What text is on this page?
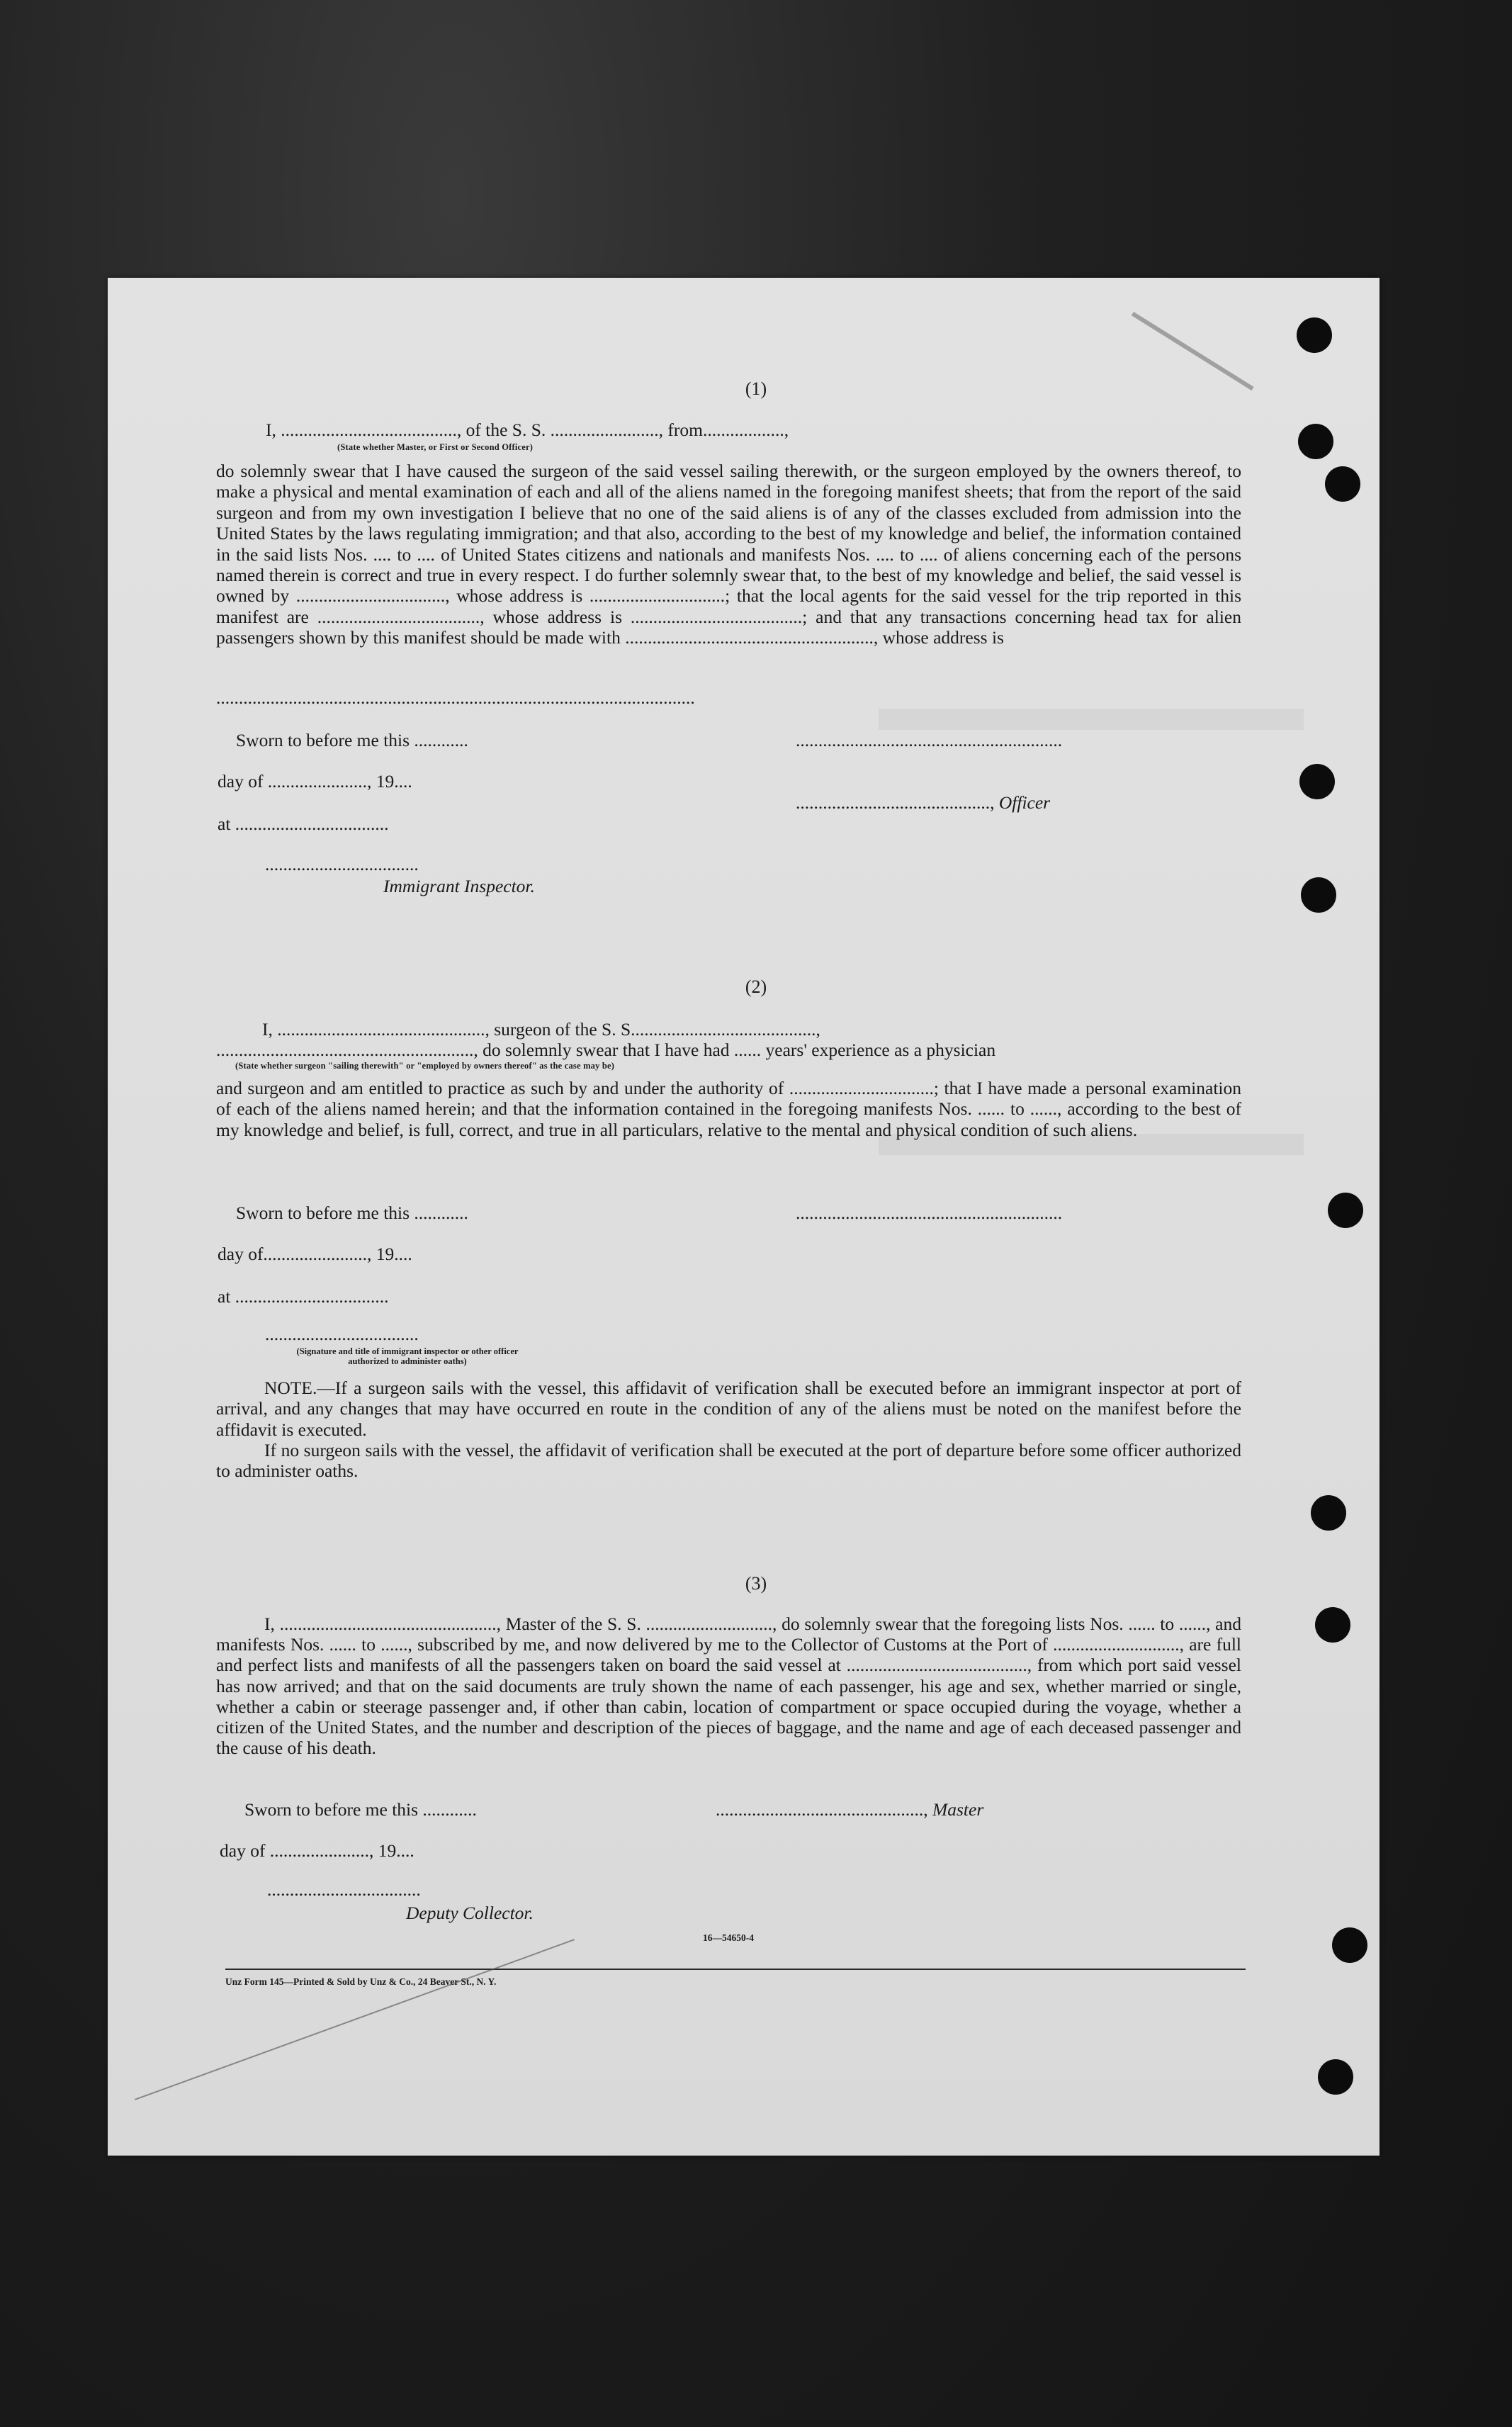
(1)
I, ......................................., of the S. S. ........................, from..................,
(State whether Master, or First or Second Officer)
do solemnly swear that I have caused the surgeon of the said vessel sailing therewith, or the surgeon employed by the owners thereof, to make a physical and mental examination of each and all of the aliens named in the foregoing manifest sheets; that from the report of the said surgeon and from my own investigation I believe that no one of the said aliens is of any of the classes excluded from admission into the United States by the laws regulating immigration; and that also, according to the best of my knowledge and belief, the information contained in the said lists Nos. .... to .... of United States citizens and nationals and manifests Nos. .... to .... of aliens concerning each of the persons named therein is correct and true in every respect. I do further solemnly swear that, to the best of my knowledge and belief, the said vessel is owned by ................................., whose address is ..............................; that the local agents for the said vessel for the trip reported in this manifest are ...................................., whose address is ......................................; and that any transactions concerning head tax for alien passengers shown by this manifest should be made with ......................................................., whose address is
..........................................................................................................
Sworn to before me this ............	...........................................................
day of ......................, 19....
..........................................., Officer
at ..................................
..................................
Immigrant Inspector.
(2)
I, .............................................., surgeon of the S. S.........................................,
........................................................., do solemnly swear that I have had ...... years' experience as a physician
(State whether surgeon "sailing therewith" or "employed by owners thereof" as the case may be)
and surgeon and am entitled to practice as such by and under the authority of ................................; that I have made a personal examination of each of the aliens named herein; and that the information contained in the foregoing manifests Nos. ...... to ......, according to the best of my knowledge and belief, is full, correct, and true in all particulars, relative to the mental and physical condition of such aliens.
Sworn to before me this ............	...........................................................
day of......................., 19....
at ..................................
..................................
(Signature and title of immigrant inspector or other officer authorized to administer oaths)
NOTE.—If a surgeon sails with the vessel, this affidavit of verification shall be executed before an immigrant inspector at port of arrival, and any changes that may have occurred en route in the condition of any of the aliens must be noted on the manifest before the affidavit is executed.
If no surgeon sails with the vessel, the affidavit of verification shall be executed at the port of departure before some officer authorized to administer oaths.
(3)
I, ................................................, Master of the S. S. ............................, do solemnly swear that the foregoing lists Nos. ...... to ......, and manifests Nos. ...... to ......, subscribed by me, and now delivered by me to the Collector of Customs at the Port of ............................, are full and perfect lists and manifests of all the passengers taken on board the said vessel at ........................................, from which port said vessel has now arrived; and that on the said documents are truly shown the name of each passenger, his age and sex, whether married or single, whether a cabin or steerage passenger and, if other than cabin, location of compartment or space occupied during the voyage, whether a citizen of the United States, and the number and description of the pieces of baggage, and the name and age of each deceased passenger and the cause of his death.
Sworn to before me this ............	.............................................., Master
day of ......................, 19....
..................................
Deputy Collector.
16—54650-4
Unz Form 145—Printed & Sold by Unz & Co., 24 Beaver St., N. Y.
